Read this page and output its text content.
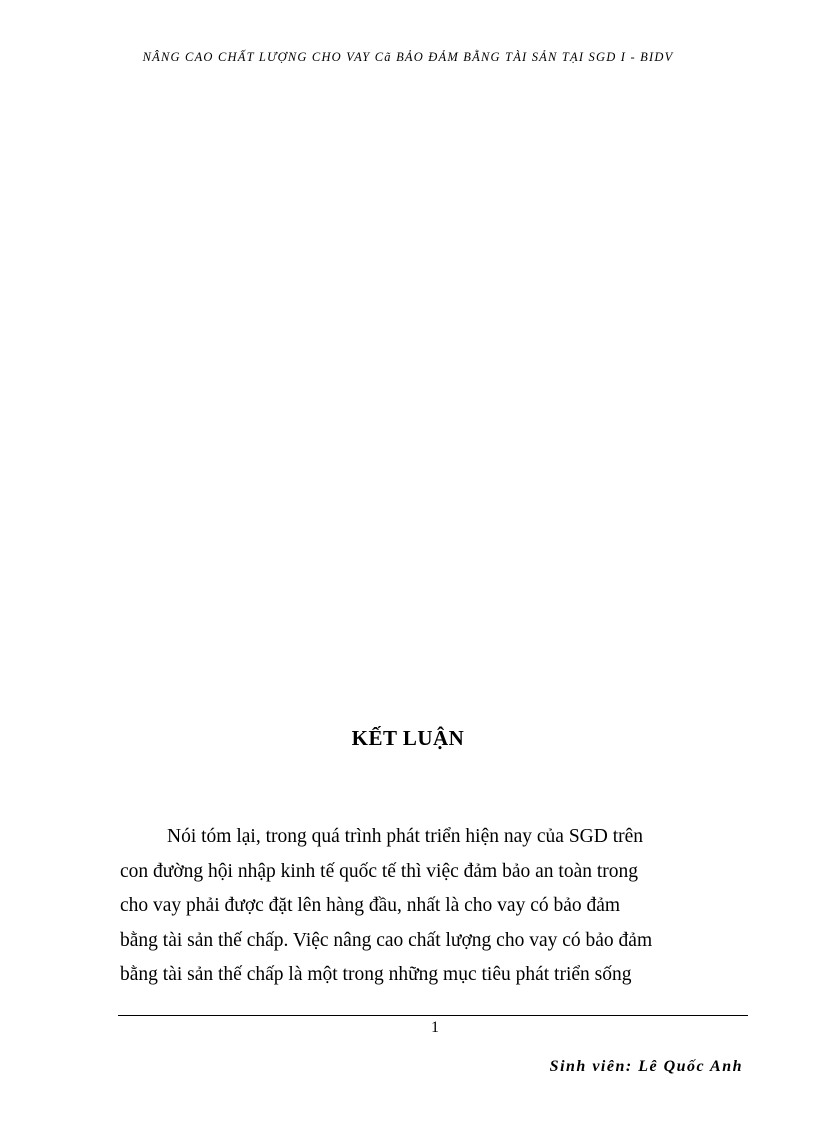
NÂNG CAO CHẤT LƯỢNG CHO VAY Cã BẢO ĐẢM BẰNG TÀI SẢN TẠI SGD I - BIDV
KẾT LUẬN
Nói tóm lại, trong quá trình phát triển hiện nay của SGD trên
con đường hội nhập kinh tế quốc tế thì việc đảm bảo an toàn trong
cho vay phải được đặt lên hàng đầu, nhất là cho vay có bảo đảm
bằng tài sản thế chấp. Việc nâng cao chất lượng cho vay có bảo đảm
bằng tài sản thế chấp là một trong những mục tiêu phát triển sống
1
Sinh viên: Lê Quốc Anh
